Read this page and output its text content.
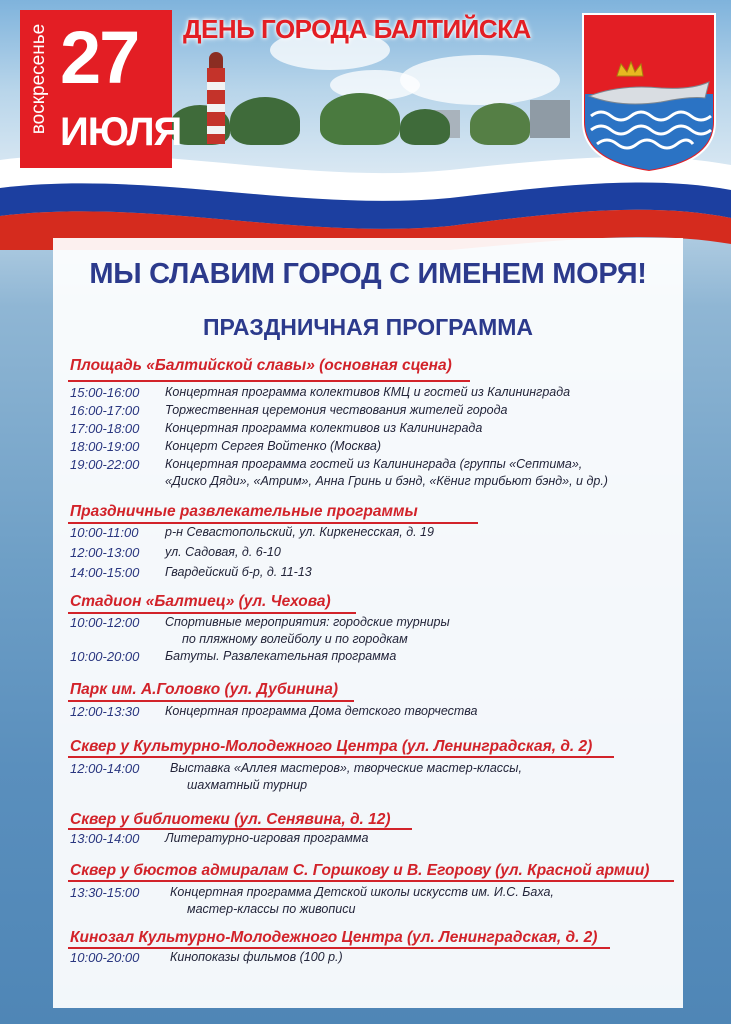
воскресенье 27
ИЮЛЯ
ДЕНЬ ГОРОДА БАЛТИЙСКА
МЫ СЛАВИМ ГОРОД С ИМЕНЕМ МОРЯ!
ПРАЗДНИЧНАЯ ПРОГРАММА
Площадь «Балтийской славы» (основная сцена)
15:00-16:00 Концертная программа колективов КМЦ и гостей из Калининграда
16:00-17:00 Торжественная церемония чествования жителей города
17:00-18:00 Концертная программа колективов из Калининграда
18:00-19:00 Концерт Сергея Войтенко (Москва)
19:00-22:00 Концертная программа гостей из Калининграда (группы «Септима»,
«Диско Дяди», «Атрим», Анна Гринь и бэнд, «Кёниг трибьют бэнд», и др.)
Праздничные развлекательные программы
10:00-11:00 р-н Севастопольский, ул. Киркенесская, д. 19
12:00-13:00 ул. Садовая, д. 6-10
14:00-15:00 Гвардейский б-р, д. 11-13
Стадион «Балтиец» (ул. Чехова)
10:00-12:00 Спортивные мероприятия: городские турниры
по пляжному волейболу и по городкам
10:00-20:00 Батуты. Развлекательная программа
Парк им. А.Головко (ул. Дубинина)
12:00-13:30 Концертная программа Дома детского творчества
Сквер у Культурно-Молодежного Центра (ул. Ленинградская, д. 2)
12:00-14:00 Выставка «Аллея мастеров», творческие мастер-классы,
шахматный турнир
Сквер у библиотеки (ул. Сенявина, д. 12)
13:00-14:00 Литературно-игровая программа
Сквер у бюстов адмиралам С. Горшкову и В. Егорову (ул. Красной армии)
13:30-15:00 Концертная программа Детской школы искусств им. И.С. Баха,
мастер-классы по живописи
Кинозал Культурно-Молодежного Центра (ул. Ленинградская, д. 2)
10:00-20:00 Кинопоказы фильмов (100 р.)
